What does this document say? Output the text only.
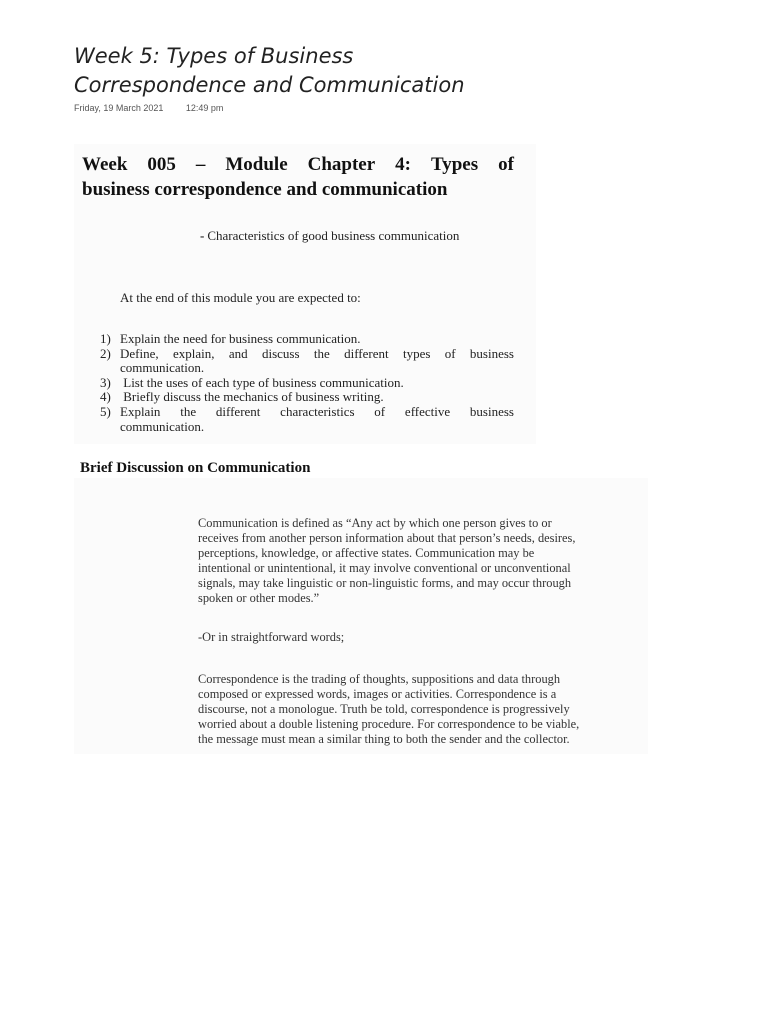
Week 5: Types of Business
Correspondence and Communication
Friday, 19 March 2021	12:49 pm
Week 005 – Module Chapter 4: Types of
business correspondence and communication
- Characteristics of good business communication
At the end of this module you are expected to:
1) Explain the need for business communication.
2) Define, explain, and discuss the different types of business
communication.
3) List the uses of each type of business communication.
4) Briefly discuss the mechanics of business writing.
5) Explain the different characteristics of effective business
communication.
Brief Discussion on Communication

Communication is defined as “Any act by which one person gives to or
receives from another person information about that person’s needs, desires,
perceptions, knowledge, or affective states. Communication may be
intentional or unintentional, it may involve conventional or unconventional
signals, may take linguistic or non-linguistic forms, and may occur through
spoken or other modes.”

-Or in straightforward words;

Correspondence is the trading of thoughts, suppositions and data through
composed or expressed words, images or activities. Correspondence is a
discourse, not a monologue. Truth be told, correspondence is progressively
worried about a double listening procedure. For correspondence to be viable,
the message must mean a similar thing to both the sender and the collector.
